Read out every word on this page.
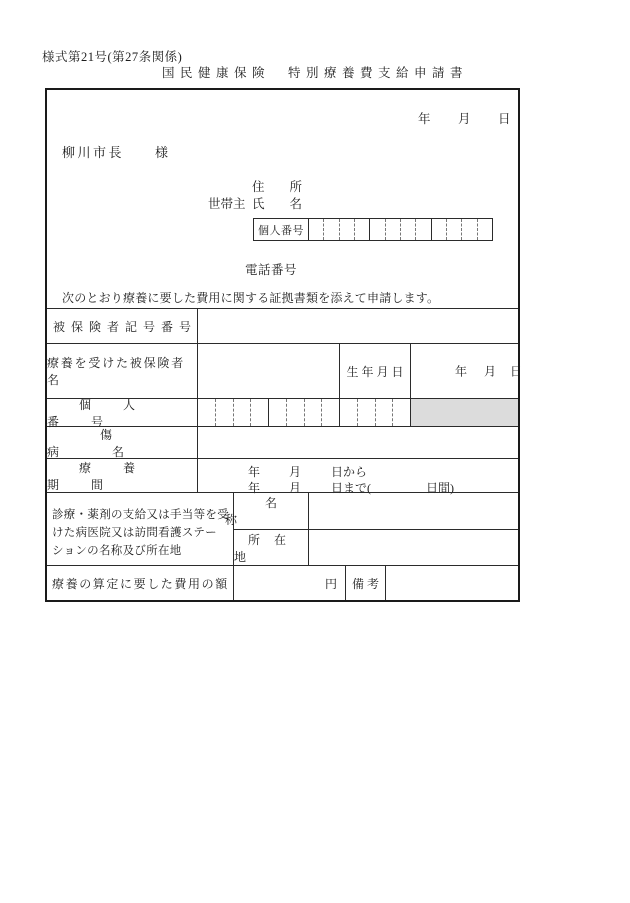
様式第21号(第27条関係)
国民健康保険　特別療養費支給申請書
年 月 日
柳川市長 様
住所
世帯主 氏名
個人番号
電話番号
次のとおり療養に要した費用に関する証拠書類を添えて申請します。
被保険者記号番号
療養を受けた被保険者名
生年月日	年 月 日
個人番号
傷病名
療養期間
年 月 日から
年 月 日まで(	日間)
診療・薬剤の支給又は手当等を受
けた病医院又は訪問看護ステー
ションの名称及び所在地
名称
所在地
療養の算定に要した費用の額	円	備考
